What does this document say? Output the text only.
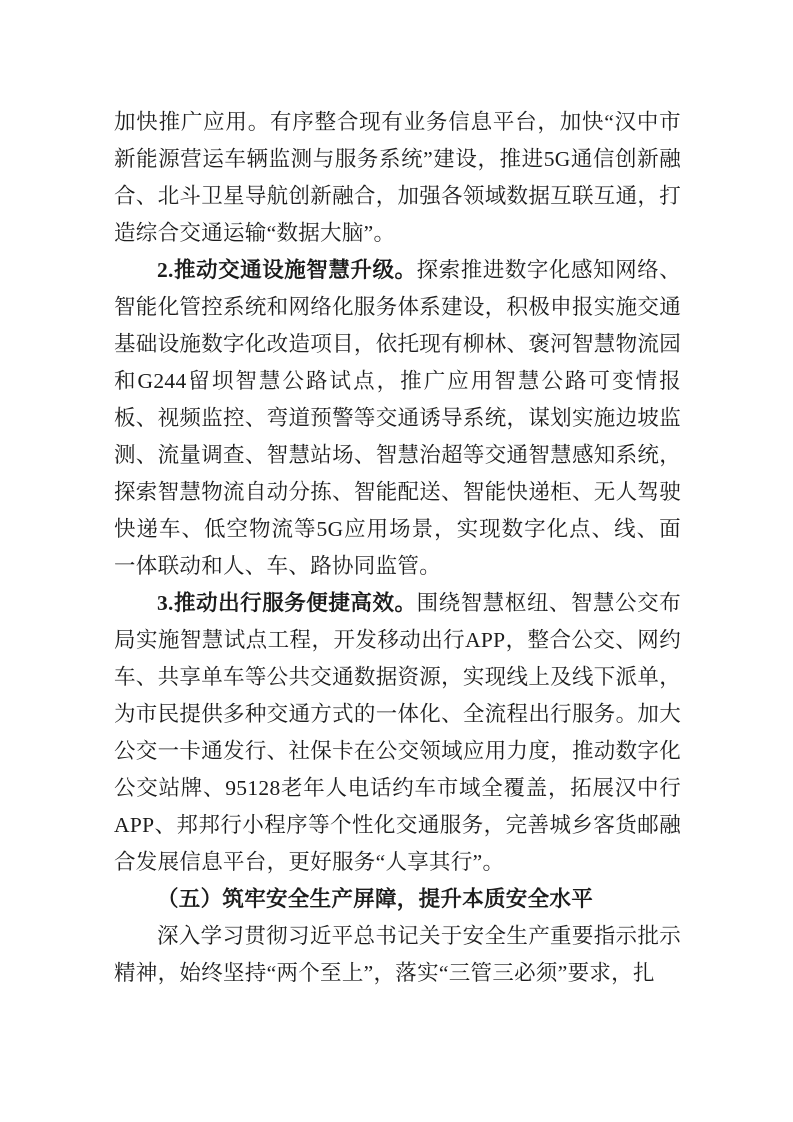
加快推广应用。有序整合现有业务信息平台，加快“汉中市新能源营运车辆监测与服务系统”建设，推进5G通信创新融合、北斗卫星导航创新融合，加强各领域数据互联互通，打造综合交通运输“数据大脑”。

2.推动交通设施智慧升级。探索推进数字化感知网络、智能化管控系统和网络化服务体系建设，积极申报实施交通基础设施数字化改造项目，依托现有柳林、褒河智慧物流园和G244留坝智慧公路试点，推广应用智慧公路可变情报板、视频监控、弯道预警等交通诱导系统，谋划实施边坡监测、流量调查、智慧站场、智慧治超等交通智慧感知系统，探索智慧物流自动分拣、智能配送、智能快递柜、无人驾驶快递车、低空物流等5G应用场景，实现数字化点、线、面一体联动和人、车、路协同监管。

3.推动出行服务便捷高效。围绕智慧枢纽、智慧公交布局实施智慧试点工程，开发移动出行APP，整合公交、网约车、共享单车等公共交通数据资源，实现线上及线下派单，为市民提供多种交通方式的一体化、全流程出行服务。加大公交一卡通发行、社保卡在公交领域应用力度，推动数字化公交站牌、95128老年人电话约车市域全覆盖，拓展汉中行APP、邦邦行小程序等个性化交通服务，完善城乡客货邮融合发展信息平台，更好服务“人享其行”。

（五）筑牢安全生产屏障，提升本质安全水平

深入学习贯彻习近平总书记关于安全生产重要指示批示精神，始终坚持“两个至上”，落实“三管三必须”要求，扎
